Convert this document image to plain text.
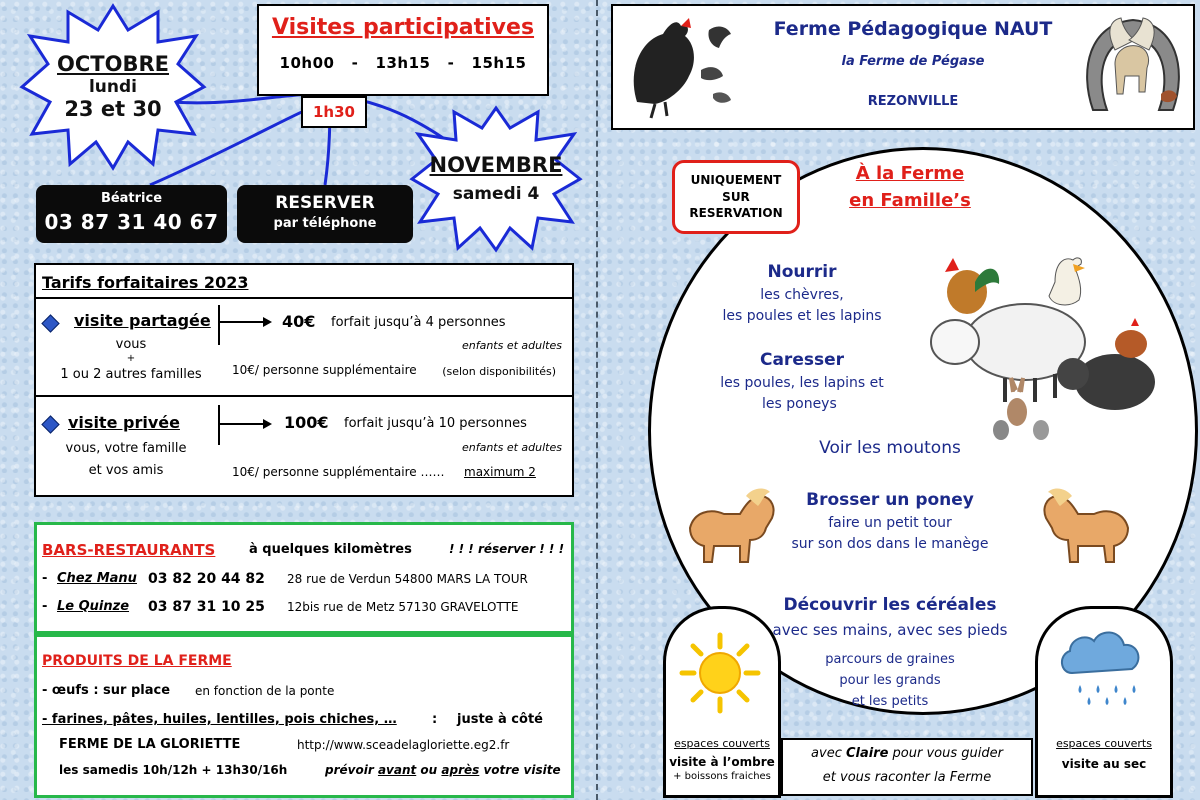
OCTOBRE
lundi
23 et 30
Visites participatives
10h00   -   13h15   -   15h15
1h30
NOVEMBRE
samedi 4
Béatrice
03 87 31 40 67
RESERVER
par téléphone
Tarifs forfaitaires 2023
visite partagée
vous
+
1 ou 2 autres familles
40€ forfait jusqu’à 4 personnes
enfants et adultes
10€/ personne supplémentaire (selon disponibilités)
visite privée
vous, votre famille
et vos amis
100€ forfait jusqu’à 10 personnes
enfants et adultes
10€/ personne supplémentaire …… maximum 2
BARS-RESTAURANTS	à quelques kilomètres	! ! ! réserver ! ! !
- Chez Manu 03 82 20 44 82 28 rue de Verdun 54800 MARS LA TOUR
- Le Quinze 03 87 31 10 25 12bis rue de Metz 57130 GRAVELOTTE
PRODUITS DE LA FERME
- œufs : sur place en fonction de la ponte
- farines, pâtes, huiles, lentilles, pois chiches, …	: juste à côté
FERME DE LA GLORIETTE	http://www.sceadelagloriette.eg2.fr
les samedis 10h/12h + 13h30/16h	prévoir avant ou après votre visite
Ferme Pédagogique NAUT
la Ferme de Pégase
REZONVILLE
UNIQUEMENT
SUR
RESERVATION
À la Ferme
en Famille’s
Nourrir
les chèvres,
les poules et les lapins
Caresser
les poules, les lapins et
les poneys
Voir les moutons
Brosser un poney
faire un petit tour
sur son dos dans le manège
Découvrir les céréales
avec ses mains, avec ses pieds
parcours de graines
pour les grands
et les petits
espaces couverts
visite à l’ombre
+ boissons fraiches
espaces couverts
visite au sec
avec Claire pour vous guider
et vous raconter la Ferme
